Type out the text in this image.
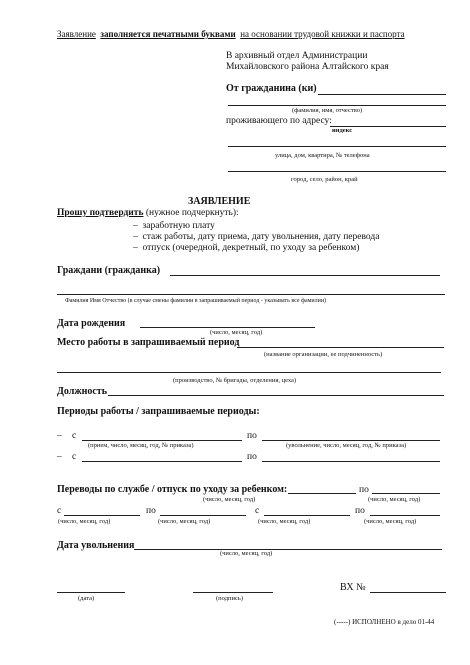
Заявление заполняется печатными буквами на основании трудовой книжки и паспорта
В архивный отдел Администрации
Михайловского района Алтайского края
От гражданина (ки)
(фамилия, имя, отчество)
проживающего по адресу:
индекс
улица, дом, квартира, № телефона
город, село, район, край
ЗАЯВЛЕНИЕ
Прошу подтвердить (нужное подчеркнуть):
–  заработную плату
–  стаж работы, дату приема, дату увольнения, дату перевода
–  отпуск (очередной, декретный, по уходу за ребенком)
Граждани (гражданка)
Фамилия Имя Отчество (в случае смены фамилии в запрашиваемый период - указывать все фамилии)
Дата рождения
(число, месяц, год)
Место работы в запрашиваемый период
(название организации, ее подчиненность)
(производство, № бригады, отделения, цеха)
Должность
Периоды работы / запрашиваемые периоды:
– с	по
(прием, число, месяц, год, № приказа)	(увольнение, число, месяц, год, № приказа)
– с	по
Переводы по службе / отпуск по уходу за ребенком:	по
(число, месяц, год)	(число, месяц, год)
с	по	с	по
(число, месяц, год)	(число, месяц, год)	(число, месяц, год)	(число, месяц, год)
Дата увольнения
(число, месяц, год)
(дата)	(подпись)
ВХ №
(-----) ИСПОЛНЕНО в дело 01-44
